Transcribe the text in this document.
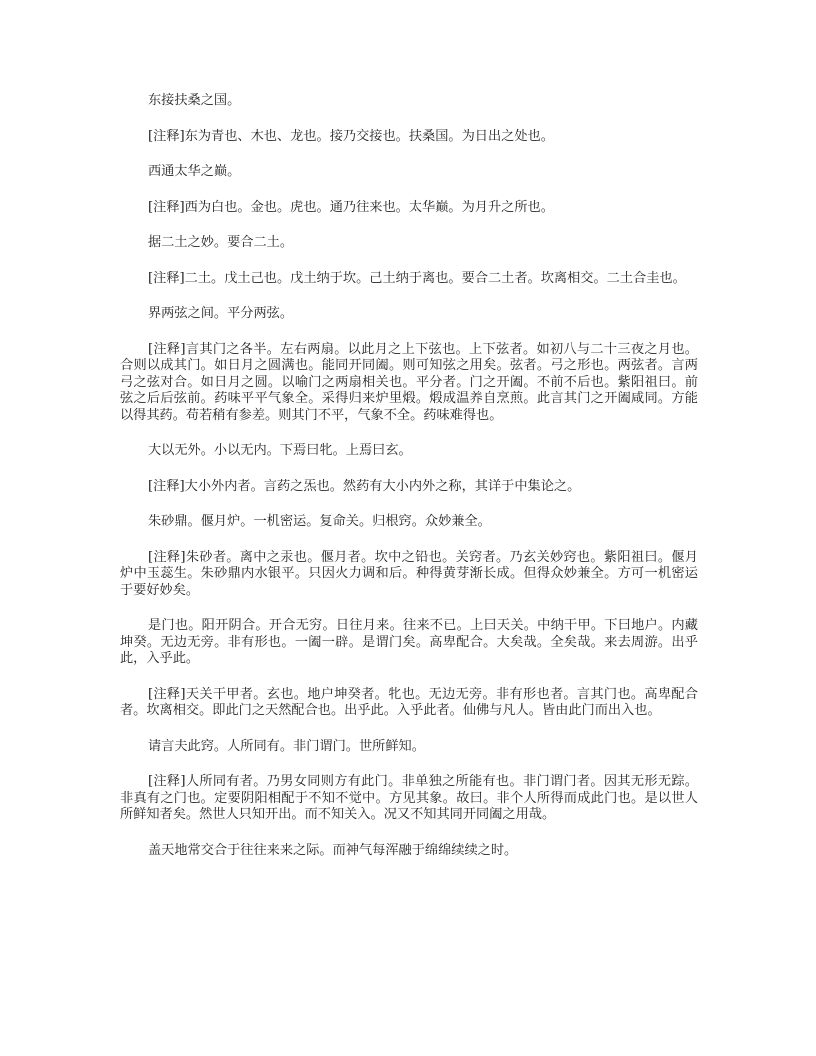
东接扶桑之国。

[注释]东为青也、木也、龙也。接乃交接也。扶桑国。为日出之处也。

西通太华之巅。

[注释]西为白也。金也。虎也。通乃往来也。太华巅。为月升之所也。

据二土之妙。要合二土。

[注释]二土。戊土己也。戊土纳于坎。己土纳于离也。要合二土者。坎离相交。二土合圭也。

界两弦之间。平分两弦。

[注释]言其门之各半。左右两扇。以此月之上下弦也。上下弦者。如初八与二十三夜之月也。合则以成其门。如日月之圆满也。能同开同阖。则可知弦之用矣。弦者。弓之形也。两弦者。言两弓之弦对合。如日月之圆。以喻门之两扇相关也。平分者。门之开阖。不前不后也。紫阳祖曰。前弦之后后弦前。药味平平气象全。采得归来炉里煅。煅成温养自烹煎。此言其门之开阖咸同。方能以得其药。苟若稍有参差。则其门不平，气象不全。药味难得也。

大以无外。小以无内。下焉曰牝。上焉曰玄。

[注释]大小外内者。言药之炁也。然药有大小内外之称，其详于中集论之。

朱砂鼎。偃月炉。一机密运。复命关。归根窍。众妙兼全。

[注释]朱砂者。离中之汞也。偃月者。坎中之铅也。关窍者。乃玄关妙窍也。紫阳祖曰。偃月炉中玉蕊生。朱砂鼎内水银平。只因火力调和后。种得黄芽渐长成。但得众妙兼全。方可一机密运于要好妙矣。

是门也。阳开阴合。开合无穷。日往月来。往来不已。上曰天关。中纳干甲。下曰地户。内藏坤癸。无边无旁。非有形也。一阖一辟。是谓门矣。高卑配合。大矣哉。全矣哉。来去周游。出乎此，入乎此。

[注释]天关干甲者。玄也。地户坤癸者。牝也。无边无旁。非有形也者。言其门也。高卑配合者。坎离相交。即此门之天然配合也。出乎此。入乎此者。仙佛与凡人。皆由此门而出入也。

请言夫此窍。人所同有。非门谓门。世所鲜知。

[注释]人所同有者。乃男女同则方有此门。非单独之所能有也。非门谓门者。因其无形无踪。非真有之门也。定要阴阳相配于不知不觉中。方见其象。故曰。非个人所得而成此门也。是以世人所鲜知者矣。然世人只知开出。而不知关入。况又不知其同开同阖之用哉。

盖天地常交合于往往来来之际。而神气每浑融于绵绵续续之时。
